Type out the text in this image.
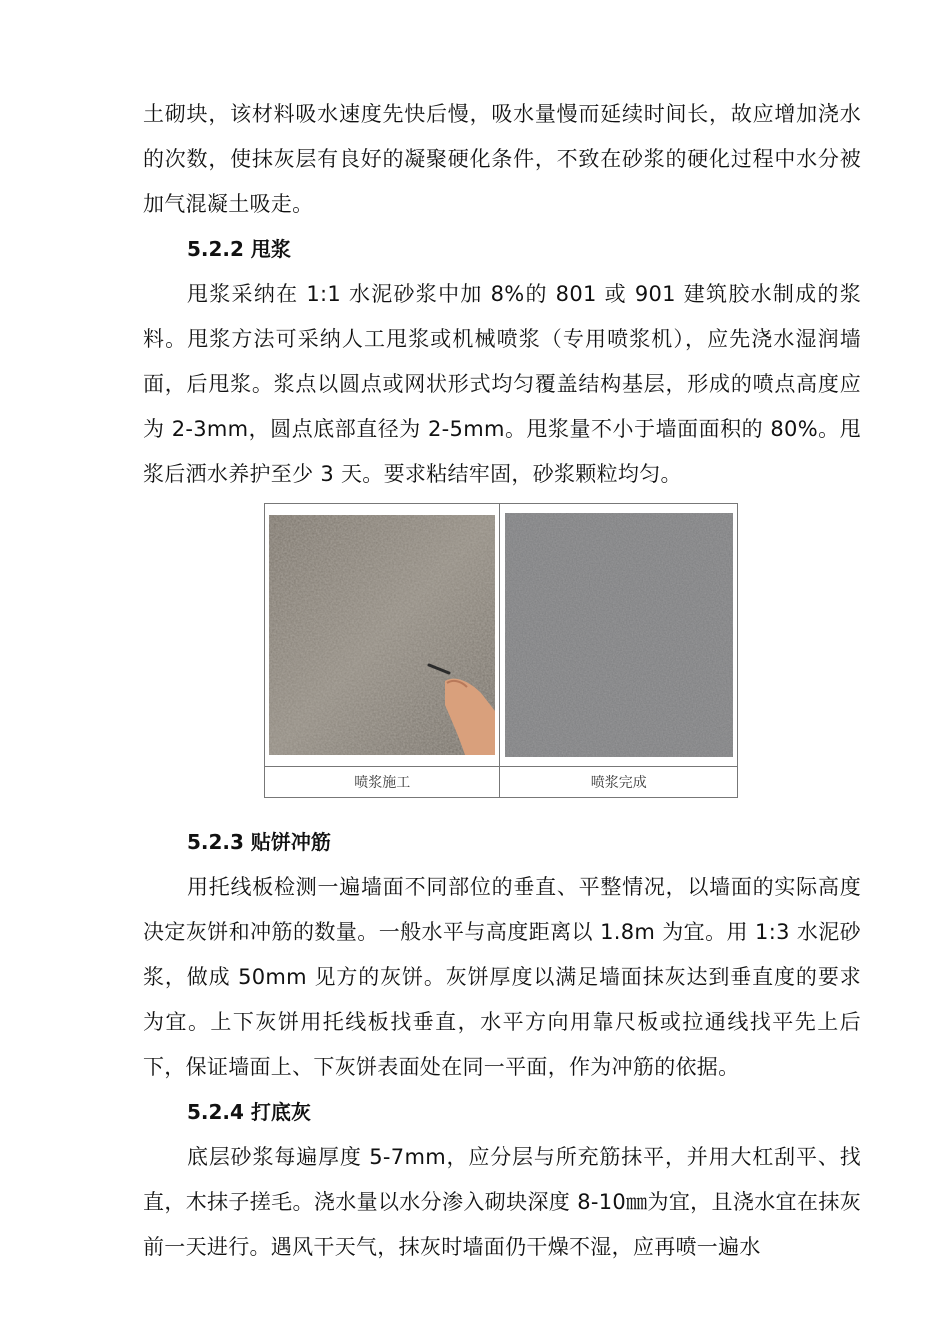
土砌块，该材料吸水速度先快后慢，吸水量慢而延续时间长，故应增加浇水的次数，使抹灰层有良好的凝聚硬化条件，不致在砂浆的硬化过程中水分被加气混凝土吸走。

5.2.2 甩浆

甩浆采纳在 1:1 水泥砂浆中加 8%的 801 或 901 建筑胶水制成的浆料。甩浆方法可采纳人工甩浆或机械喷浆（专用喷浆机），应先浇水湿润墙面，后甩浆。浆点以圆点或网状形式均匀覆盖结构基层，形成的喷点高度应为 2-3mm，圆点底部直径为 2-5mm。甩浆量不小于墙面面积的 80%。甩浆后洒水养护至少 3 天。要求粘结牢固，砂浆颗粒均匀。

喷浆施工	喷浆完成

5.2.3 贴饼冲筋

用托线板检测一遍墙面不同部位的垂直、平整情况，以墙面的实际高度决定灰饼和冲筋的数量。一般水平与高度距离以 1.8m 为宜。用 1:3 水泥砂浆，做成 50mm 见方的灰饼。灰饼厚度以满足墙面抹灰达到垂直度的要求为宜。上下灰饼用托线板找垂直，水平方向用靠尺板或拉通线找平先上后下，保证墙面上、下灰饼表面处在同一平面，作为冲筋的依据。

5.2.4 打底灰

底层砂浆每遍厚度 5-7mm，应分层与所充筋抹平，并用大杠刮平、找直，木抹子搓毛。浇水量以水分渗入砌块深度 8-10㎜为宜，且浇水宜在抹灰前一天进行。遇风干天气，抹灰时墙面仍干燥不湿，应再喷一遍水
